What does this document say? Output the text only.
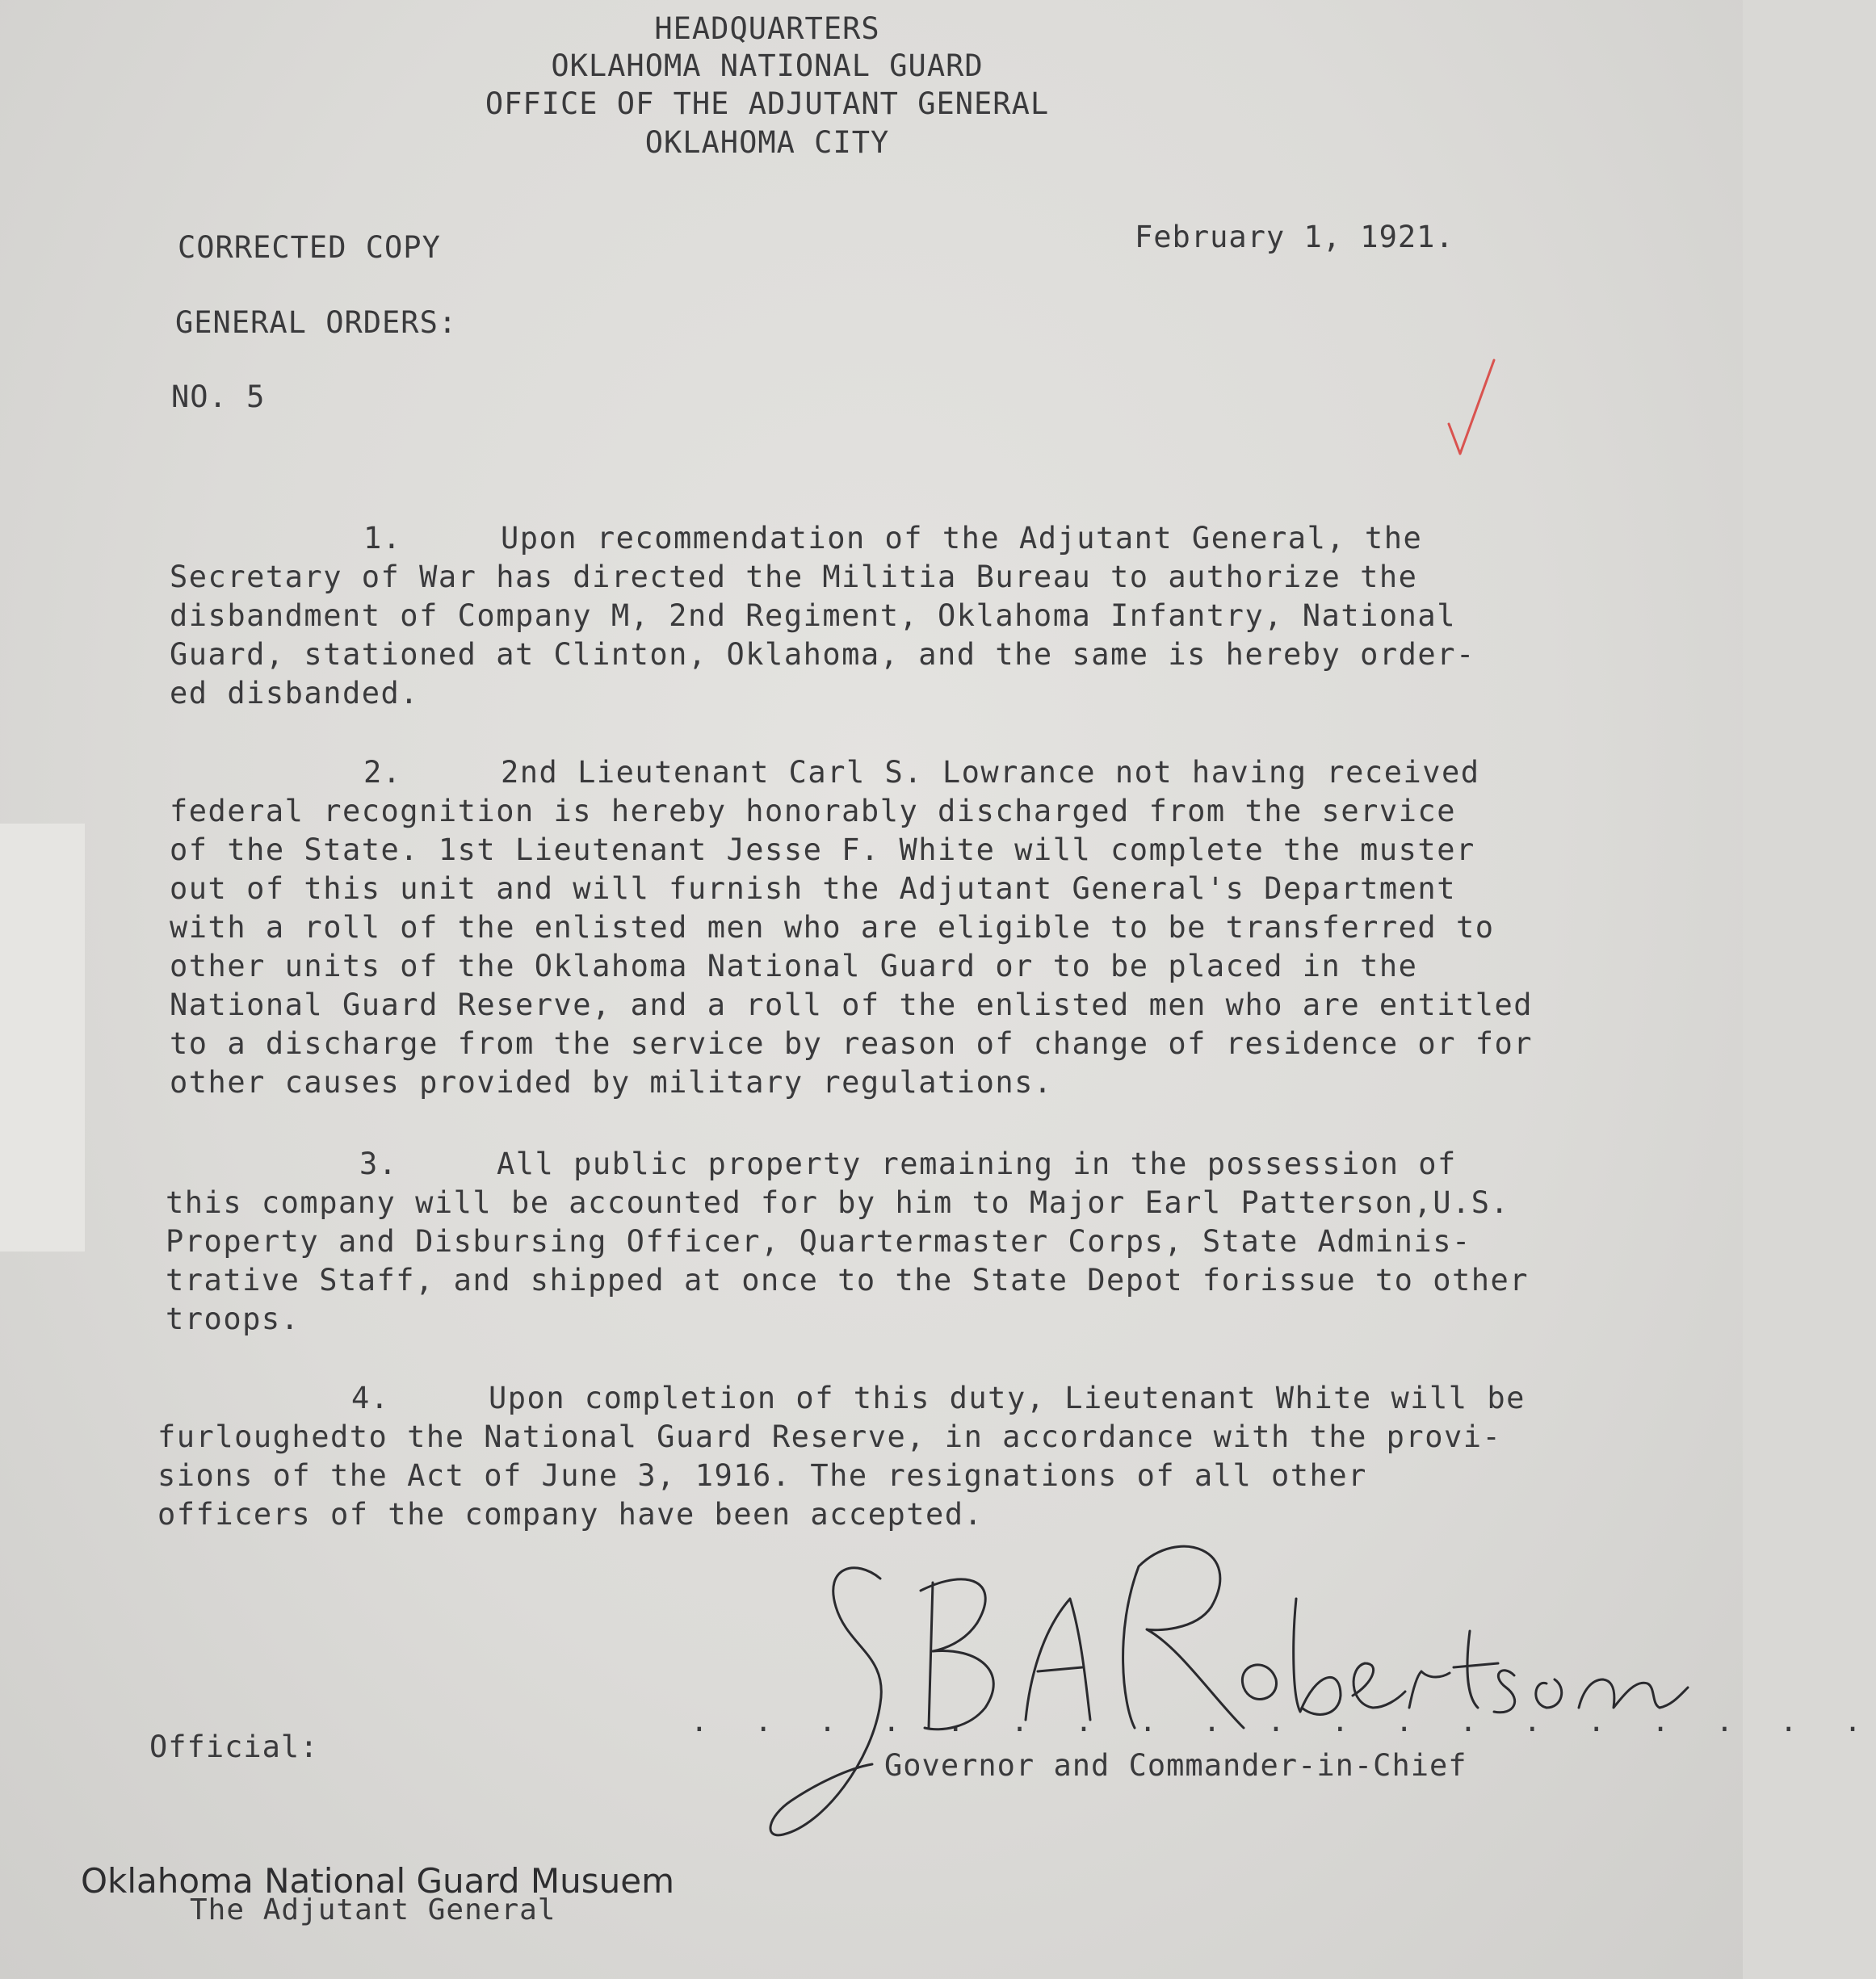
HEADQUARTERS
OKLAHOMA NATIONAL GUARD
OFFICE OF THE ADJUTANT GENERAL
OKLAHOMA CITY
CORRECTED COPY	February 1, 1921.
GENERAL ORDERS:
NO. 5
1.	Upon recommendation of the Adjutant General, the
Secretary of War has directed the Militia Bureau to authorize the
disbandment of Company M, 2nd Regiment, Oklahoma Infantry, National
Guard, stationed at Clinton, Oklahoma, and the same is hereby order-
ed disbanded.
2.	2nd Lieutenant Carl S. Lowrance not having received
federal recognition is hereby honorably discharged from the service
of the State. 1st Lieutenant Jesse F. White will complete the muster
out of this unit and will furnish the Adjutant General's Department
with a roll of the enlisted men who are eligible to be transferred to
other units of the Oklahoma National Guard or to be placed in the
National Guard Reserve, and a roll of the enlisted men who are entitled
to a discharge from the service by reason of change of residence or for
other causes provided by military regulations.
3.	All public property remaining in the possession of
this company will be accounted for by him to Major Earl Patterson,U.S.
Property and Disbursing Officer, Quartermaster Corps, State Adminis-
trative Staff, and shipped at once to the State Depot forissue to other
troops.
4.	Upon completion of this duty, Lieutenant White will be
furloughedto the National Guard Reserve, in accordance with the provi-
sions of the Act of June 3, 1916. The resignations of all other
officers of the company have been accepted.
. . . . . . . . . . . . . . . . . . .
Official:
Governor and Commander-in-Chief
The Adjutant General
Oklahoma National Guard Musuem
